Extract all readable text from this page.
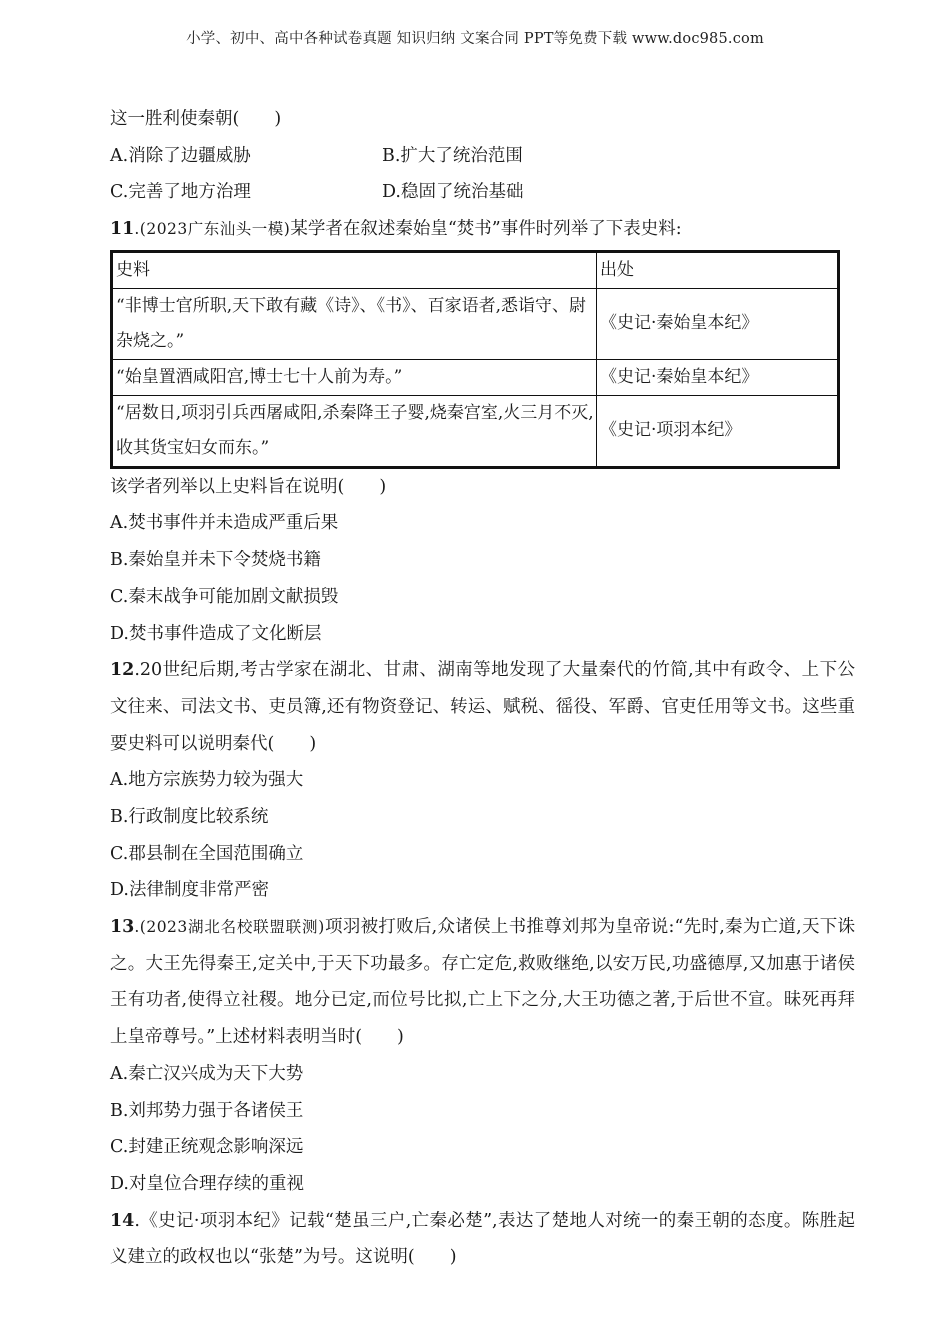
小学、初中、高中各种试卷真题 知识归纳 文案合同 PPT等免费下载 www.doc985.com
这一胜利使秦朝(　　)
A.消除了边疆威胁	B.扩大了统治范围
C.完善了地方治理	D.稳固了统治基础
11.(2023广东汕头一模)某学者在叙述秦始皇“焚书”事件时列举了下表史料:
史料	出处
“非博士官所职,天下敢有藏《诗》、《书》、百家语者,悉诣守、尉杂烧之。”	《史记·秦始皇本纪》
“始皇置酒咸阳宫,博士七十人前为寿。”	《史记·秦始皇本纪》
“居数日,项羽引兵西屠咸阳,杀秦降王子婴,烧秦宫室,火三月不灭,收其货宝妇女而东。”	《史记·项羽本纪》
该学者列举以上史料旨在说明(　　)
A.焚书事件并未造成严重后果
B.秦始皇并未下令焚烧书籍
C.秦末战争可能加剧文献损毁
D.焚书事件造成了文化断层
12.20世纪后期,考古学家在湖北、甘肃、湖南等地发现了大量秦代的竹简,其中有政令、上下公文往来、司法文书、吏员簿,还有物资登记、转运、赋税、徭役、军爵、官吏任用等文书。这些重要史料可以说明秦代(　　)
A.地方宗族势力较为强大
B.行政制度比较系统
C.郡县制在全国范围确立
D.法律制度非常严密
13.(2023湖北名校联盟联测)项羽被打败后,众诸侯上书推尊刘邦为皇帝说:“先时,秦为亡道,天下诛之。大王先得秦王,定关中,于天下功最多。存亡定危,救败继绝,以安万民,功盛德厚,又加惠于诸侯王有功者,使得立社稷。地分已定,而位号比拟,亡上下之分,大王功德之著,于后世不宣。昧死再拜上皇帝尊号。”上述材料表明当时(　　)
A.秦亡汉兴成为天下大势
B.刘邦势力强于各诸侯王
C.封建正统观念影响深远
D.对皇位合理存续的重视
14.《史记·项羽本纪》记载“楚虽三户,亡秦必楚”,表达了楚地人对统一的秦王朝的态度。陈胜起义建立的政权也以“张楚”为号。这说明(　　)
